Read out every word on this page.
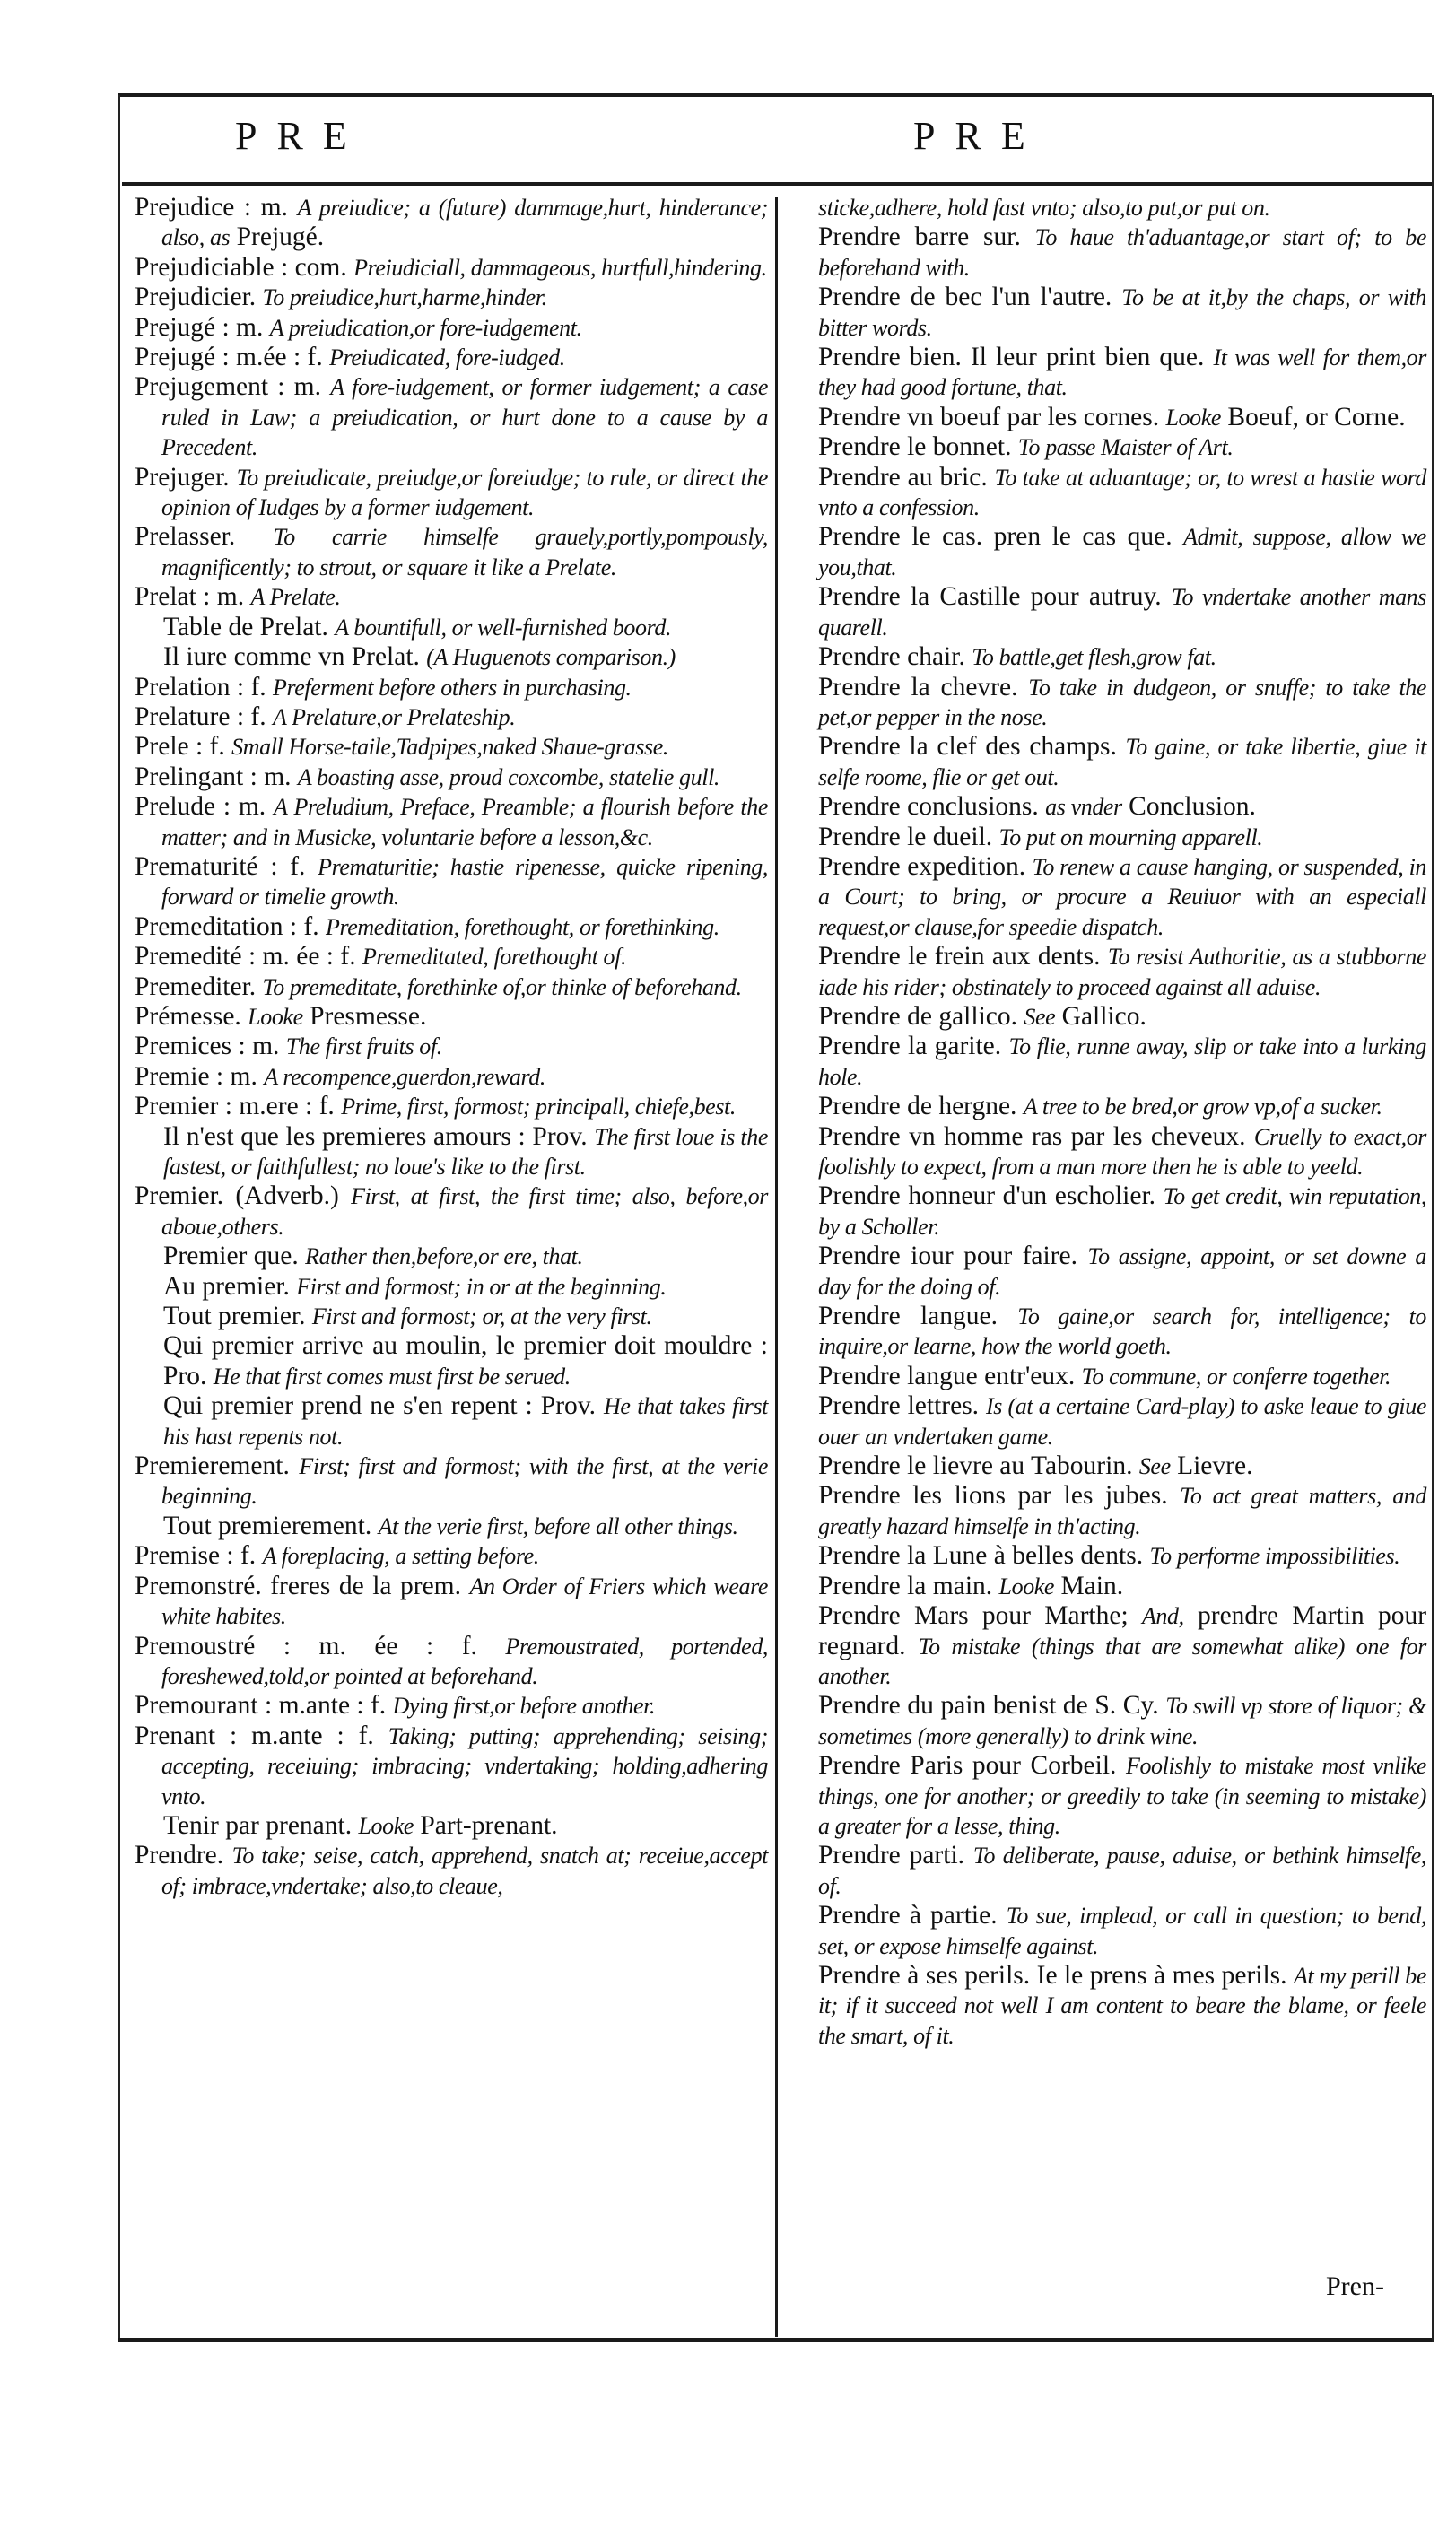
PRE	PRE
Prejudice : m. A preiudice; a (future) dammage,hurt, hinderance; also, as Prejugé.
Prejudiciable : com. Preiudiciall, dammageous, hurtfull,hindering.
Prejudicier. To preiudice,hurt,harme,hinder.
Prejugé : m. A preiudication,or fore-iudgement.
Prejugé : m.ée : f. Preiudicated, fore-iudged.
Prejugement : m. A fore-iudgement, or former iudgement; a case ruled in Law; a preiudication, or hurt done to a cause by a Precedent.
Prejuger. To preiudicate, preiudge,or foreiudge; to rule, or direct the opinion of Iudges by a former iudgement.
Prelasser. To carrie himselfe grauely,portly,pompously, magnificently; to strout, or square it like a Prelate.
Prelat : m. A Prelate.
Table de Prelat. A bountifull, or well-furnished boord.
Il iure comme vn Prelat. (A Huguenots comparison.)
Prelation : f. Preferment before others in purchasing.
Prelature : f. A Prelature,or Prelateship.
Prele : f. Small Horse-taile,Tadpipes,naked Shaue-grasse.
Prelingant : m. A boasting asse, proud coxcombe, statelie gull.
Prelude : m. A Preludium, Preface, Preamble; a flourish before the matter; and in Musicke, voluntarie before a lesson,&c.
Prematurité : f. Prematuritie; hastie ripenesse, quicke ripening, forward or timelie growth.
Premeditation : f. Premeditation, forethought, or forethinking.
Premedité : m. ée : f. Premeditated, forethought of.
Premediter. To premeditate, forethinke of,or thinke of beforehand.
Prémesse. Looke Presmesse.
Premices : m. The first fruits of.
Premie : m. A recompence,guerdon,reward.
Premier : m.ere : f. Prime, first, formost; principall, chiefe,best.
Il n'est que les premieres amours : Prov. The first loue is the fastest, or faithfullest; no loue's like to the first.
Premier. (Adverb.) First, at first, the first time; also, before,or aboue,others.
Premier que. Rather then,before,or ere, that.
Au premier. First and formost; in or at the beginning.
Tout premier. First and formost; or, at the very first.
Qui premier arrive au moulin, le premier doit mouldre : Pro. He that first comes must first be serued.
Qui premier prend ne s'en repent : Prov. He that takes first his hast repents not.
Premierement. First; first and formost; with the first, at the verie beginning.
Tout premierement. At the verie first, before all other things.
Premise : f. A foreplacing, a setting before.
Premonstré. freres de la prem. An Order of Friers which weare white habites.
Premoustré : m. ée : f. Premoustrated, portended, foreshewed,told,or pointed at beforehand.
Premourant : m.ante : f. Dying first,or before another.
Prenant : m.ante : f. Taking; putting; apprehending; seising; accepting, receiuing; imbracing; vndertaking; holding,adhering vnto.
Tenir par prenant. Looke Part-prenant.
Prendre. To take; seise, catch, apprehend, snatch at; receiue,accept of; imbrace,vndertake; also,to cleaue,
sticke,adhere, hold fast vnto; also,to put,or put on.
Prendre barre sur. To haue th'aduantage,or start of; to be beforehand with.
Prendre de bec l'un l'autre. To be at it,by the chaps, or with bitter words.
Prendre bien. Il leur print bien que. It was well for them,or they had good fortune, that.
Prendre vn boeuf par les cornes. Looke Boeuf, or Corne.
Prendre le bonnet. To passe Maister of Art.
Prendre au bric. To take at aduantage; or, to wrest a hastie word vnto a confession.
Prendre le cas. pren le cas que. Admit, suppose, allow we you,that.
Prendre la Castille pour autruy. To vndertake another mans quarell.
Prendre chair. To battle,get flesh,grow fat.
Prendre la chevre. To take in dudgeon, or snuffe; to take the pet,or pepper in the nose.
Prendre la clef des champs. To gaine, or take libertie, giue it selfe roome, flie or get out.
Prendre conclusions. as vnder Conclusion.
Prendre le dueil. To put on mourning apparell.
Prendre expedition. To renew a cause hanging, or suspended, in a Court; to bring, or procure a Reuiuor with an especiall request,or clause,for speedie dispatch.
Prendre le frein aux dents. To resist Authoritie, as a stubborne iade his rider; obstinately to proceed against all aduise.
Prendre de gallico. See Gallico.
Prendre la garite. To flie, runne away, slip or take into a lurking hole.
Prendre de hergne. A tree to be bred,or grow vp,of a sucker.
Prendre vn homme ras par les cheveux. Cruelly to exact,or foolishly to expect, from a man more then he is able to yeeld.
Prendre honneur d'un escholier. To get credit, win reputation, by a Scholler.
Prendre iour pour faire. To assigne, appoint, or set downe a day for the doing of.
Prendre langue. To gaine,or search for, intelligence; to inquire,or learne, how the world goeth.
Prendre langue entr'eux. To commune, or conferre together.
Prendre lettres. Is (at a certaine Card-play) to aske leaue to giue ouer an vndertaken game.
Prendre le lievre au Tabourin. See Lievre.
Prendre les lions par les jubes. To act great matters, and greatly hazard himselfe in th'acting.
Prendre la Lune à belles dents. To performe impossibilities.
Prendre la main. Looke Main.
Prendre Mars pour Marthe; And, prendre Martin pour regnard. To mistake (things that are somewhat alike) one for another.
Prendre du pain benist de S. Cy. To swill vp store of liquor; & sometimes (more generally) to drink wine.
Prendre Paris pour Corbeil. Foolishly to mistake most vnlike things, one for another; or greedily to take (in seeming to mistake) a greater for a lesse, thing.
Prendre parti. To deliberate, pause, aduise, or bethink himselfe, of.
Prendre à partie. To sue, implead, or call in question; to bend, set, or expose himselfe against.
Prendre à ses perils. Ie le prens à mes perils. At my perill be it; if it succeed not well I am content to beare the blame, or feele the smart, of it.
Pren-
